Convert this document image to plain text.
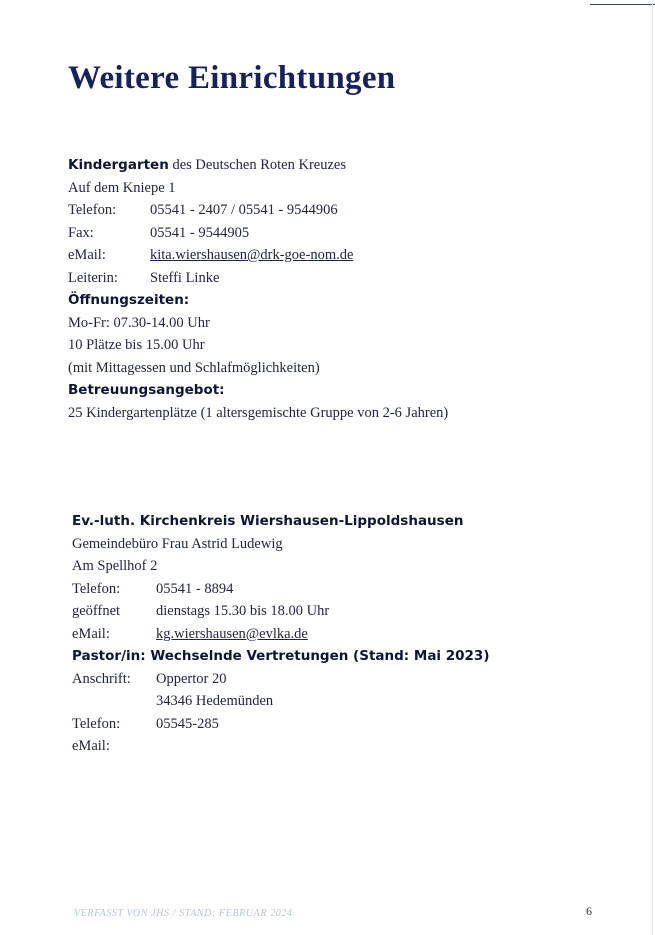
Weitere Einrichtungen
Kindergarten des Deutschen Roten Kreuzes
Auf dem Kniepe 1
Telefon:	05541 - 2407 / 05541 - 9544906
Fax:	05541 - 9544905
eMail:	kita.wiershausen@drk-goe-nom.de
Leiterin:	Steffi Linke
Öffnungszeiten:
Mo-Fr: 07.30-14.00 Uhr
10 Plätze bis 15.00 Uhr
(mit Mittagessen und Schlafmöglichkeiten)
Betreuungsangebot:
25 Kindergartenplätze (1 altersgemischte Gruppe von 2-6 Jahren)
Ev.-luth. Kirchenkreis Wiershausen-Lippoldshausen
Gemeindebüro Frau Astrid Ludewig
Am Spellhof 2
Telefon:	05541 - 8894
geöffnet	dienstags 15.30 bis 18.00 Uhr
eMail:	kg.wiershausen@evlka.de
Pastor/in: Wechselnde Vertretungen (Stand: Mai 2023)
Anschrift:	Oppertor 20
34346 Hedemünden
Telefon:	05545-285
eMail:
VERFASST VON JHS / STAND: FEBRUAR 2024	6
